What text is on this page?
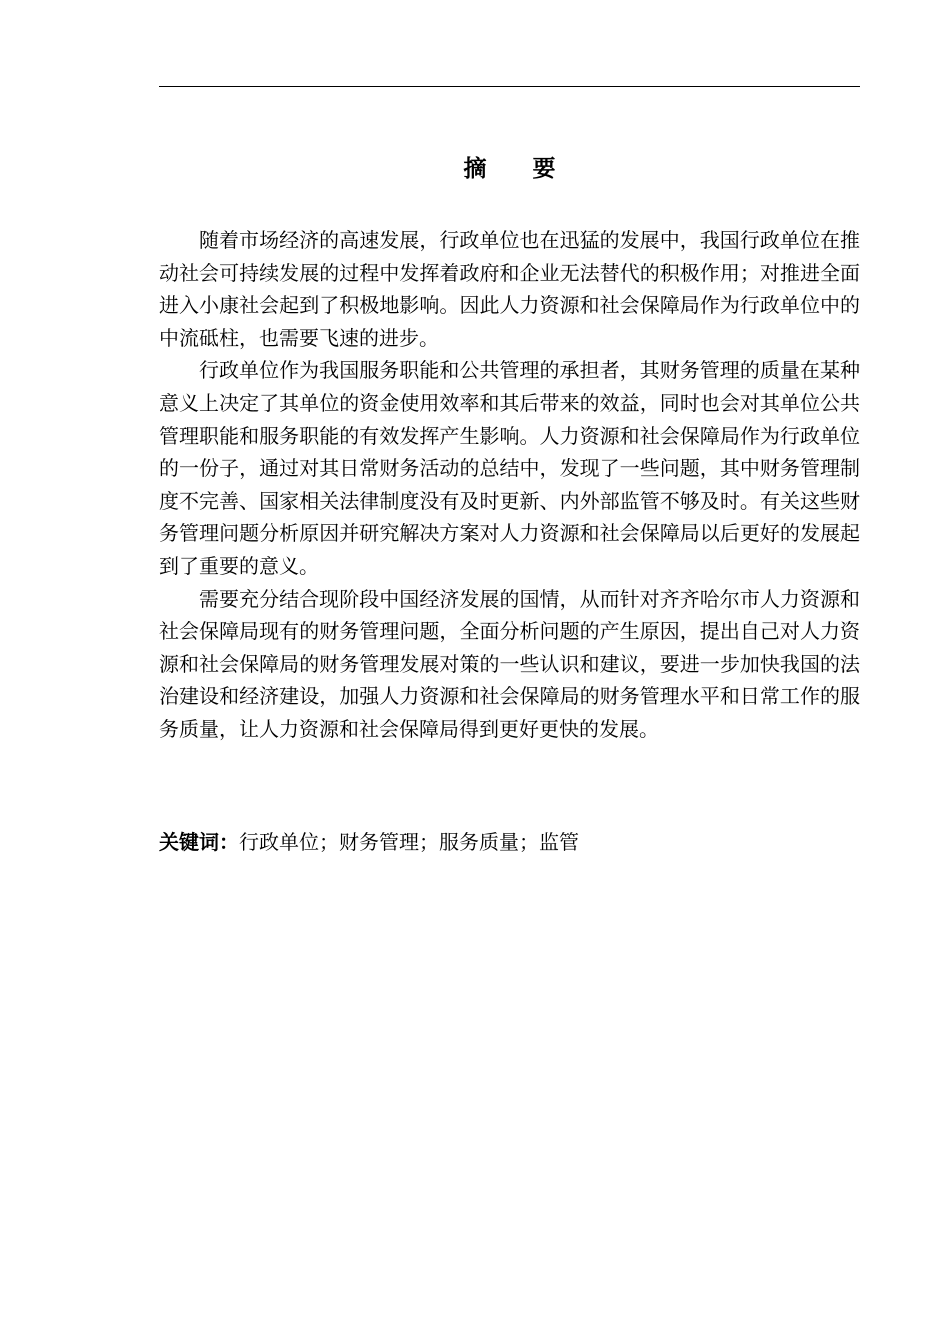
摘 要

随着市场经济的高速发展，行政单位也在迅猛的发展中，我国行政单位在推动社会可持续发展的过程中发挥着政府和企业无法替代的积极作用；对推进全面进入小康社会起到了积极地影响。因此人力资源和社会保障局作为行政单位中的中流砥柱，也需要飞速的进步。

行政单位作为我国服务职能和公共管理的承担者，其财务管理的质量在某种意义上决定了其单位的资金使用效率和其后带来的效益，同时也会对其单位公共管理职能和服务职能的有效发挥产生影响。人力资源和社会保障局作为行政单位的一份子，通过对其日常财务活动的总结中，发现了一些问题，其中财务管理制度不完善、国家相关法律制度没有及时更新、内外部监管不够及时。有关这些财务管理问题分析原因并研究解决方案对人力资源和社会保障局以后更好的发展起到了重要的意义。

需要充分结合现阶段中国经济发展的国情，从而针对齐齐哈尔市人力资源和社会保障局现有的财务管理问题，全面分析问题的产生原因，提出自己对人力资源和社会保障局的财务管理发展对策的一些认识和建议，要进一步加快我国的法治建设和经济建设，加强人力资源和社会保障局的财务管理水平和日常工作的服务质量，让人力资源和社会保障局得到更好更快的发展。

关键词：行政单位；财务管理；服务质量；监管
